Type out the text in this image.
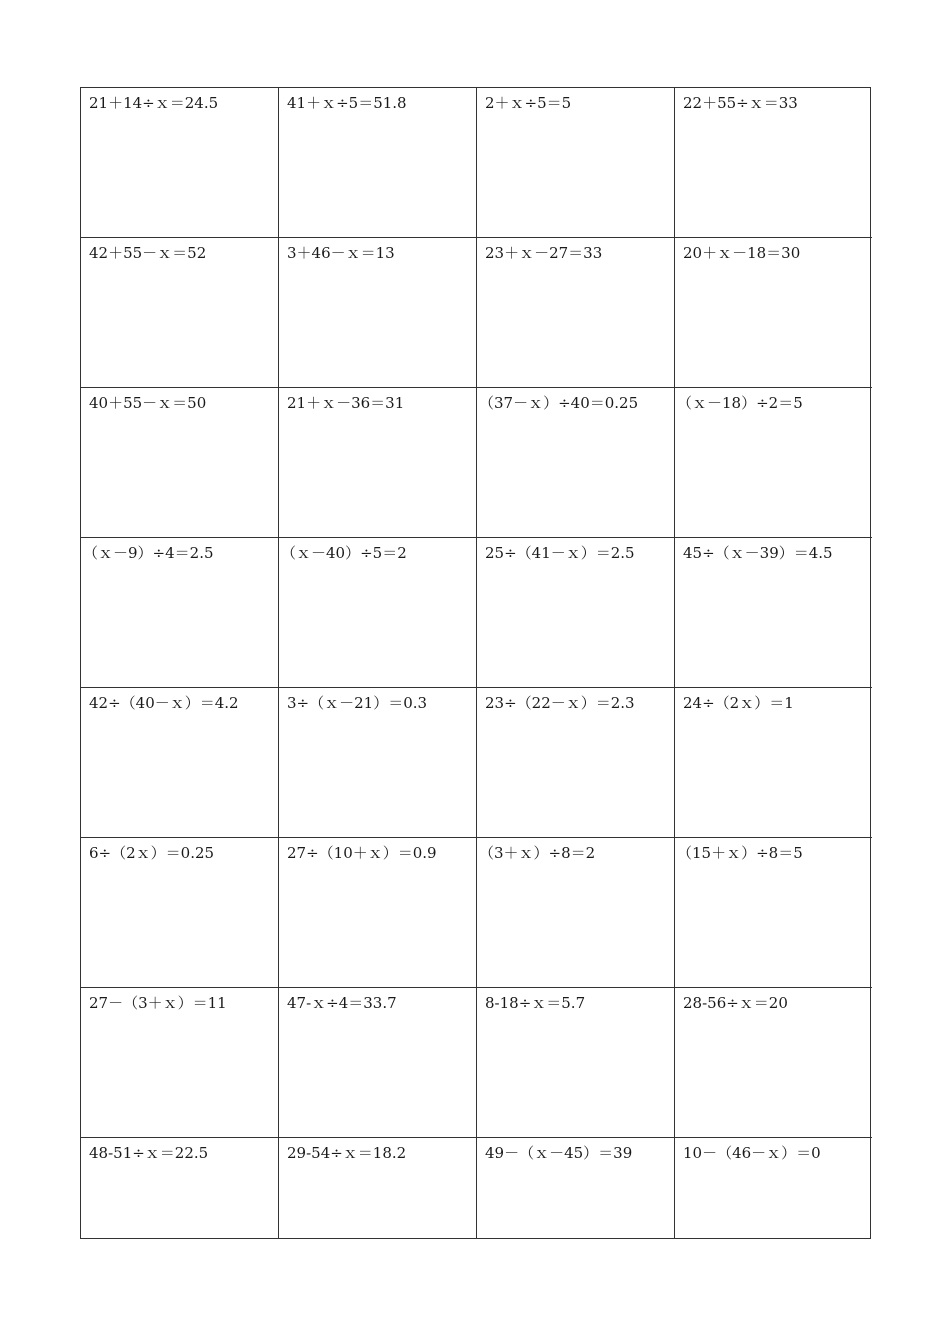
21＋14÷ｘ＝24.5	41＋ｘ÷5＝51.8	2＋ｘ÷5＝5	22＋55÷ｘ＝33
42＋55－ｘ＝52	3＋46－ｘ＝13	23＋ｘ－27＝33	20＋ｘ－18＝30
40＋55－ｘ＝50	21＋ｘ－36＝31	（37－ｘ）÷40＝0.25	（ｘ－18）÷2＝5
（ｘ－9）÷4＝2.5	（ｘ－40）÷5＝2	25÷（41－ｘ）＝2.5	45÷（ｘ－39）＝4.5
42÷（40－ｘ）＝4.2	3÷（ｘ－21）＝0.3	23÷（22－ｘ）＝2.3	24÷（2ｘ）＝1
6÷（2ｘ）＝0.25	27÷（10＋ｘ）＝0.9	（3＋ｘ）÷8＝2	（15＋ｘ）÷8＝5
27－（3＋ｘ）＝11	47-ｘ÷4＝33.7	8-18÷ｘ＝5.7	28-56÷ｘ＝20
48-51÷ｘ＝22.5	29-54÷ｘ＝18.2	49－（ｘ－45）＝39	10－（46－ｘ）＝0
